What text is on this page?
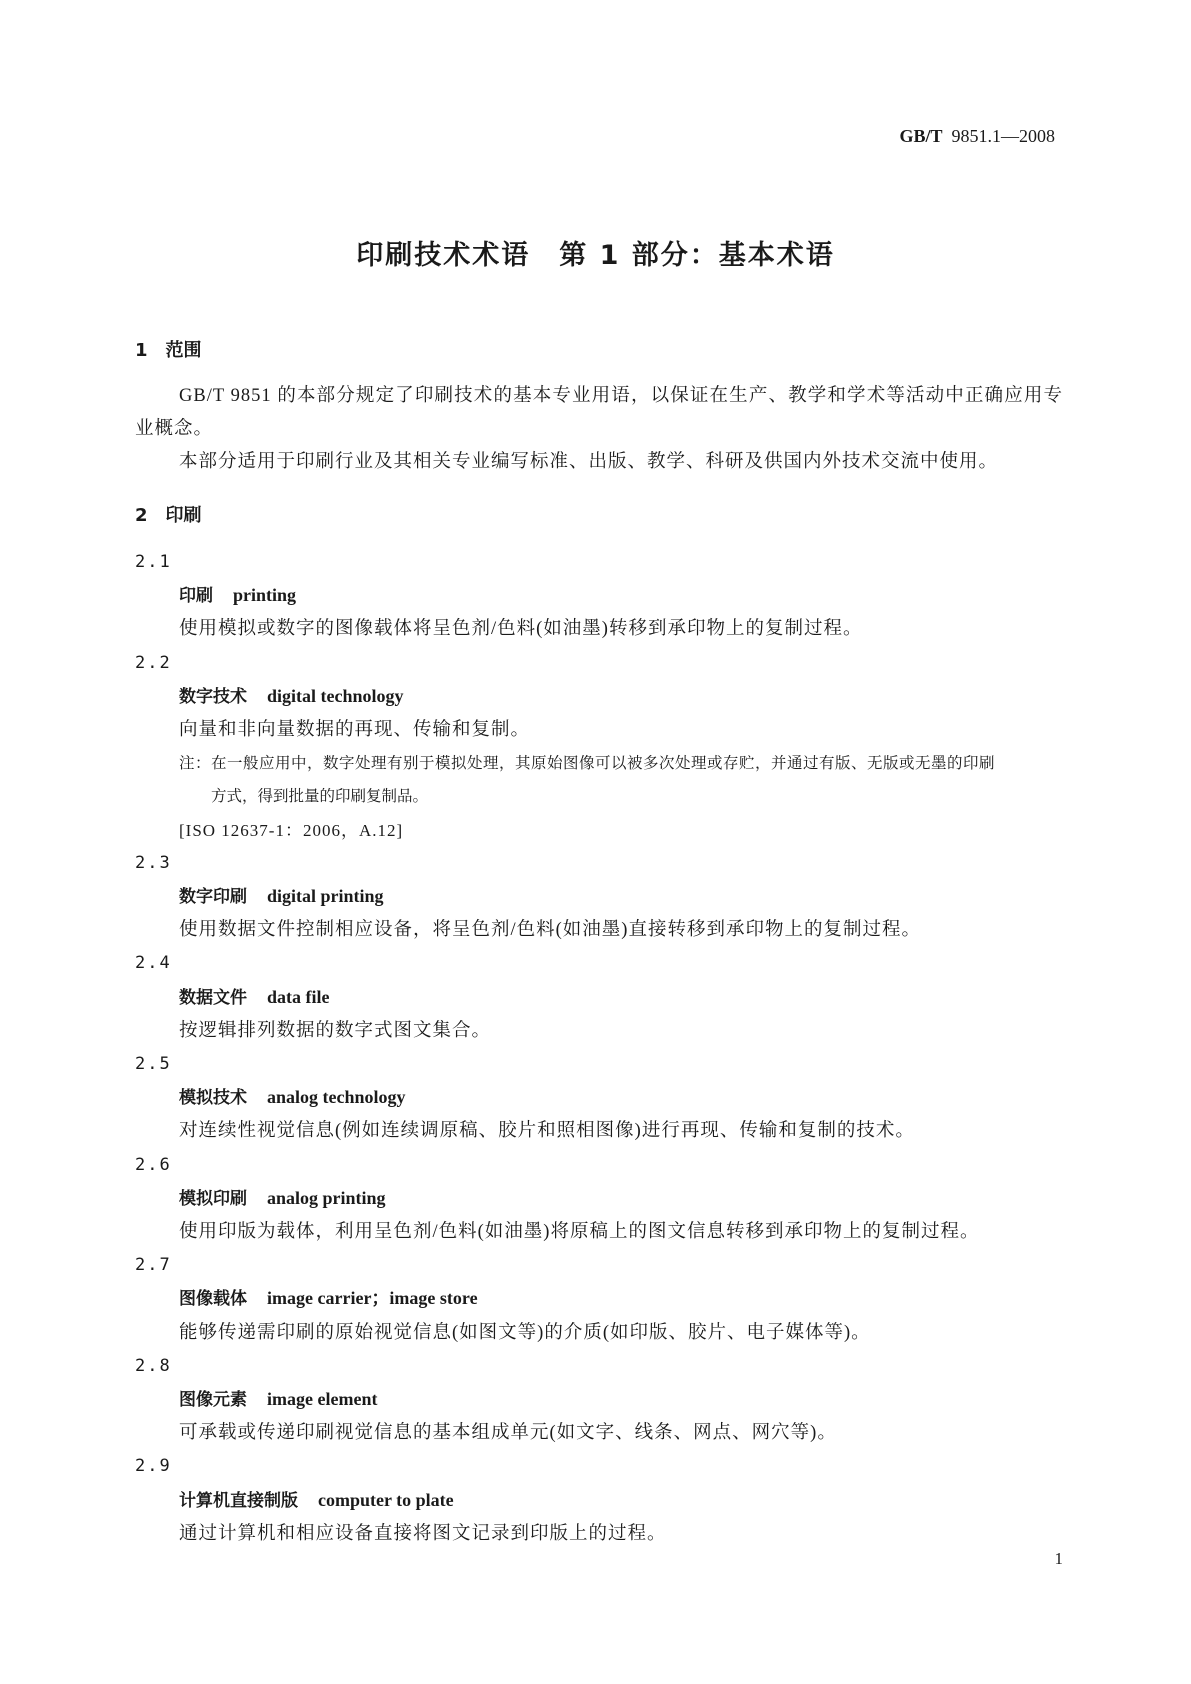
GB/T 9851.1—2008
印刷技术术语　第 1 部分：基本术语
1 范围

GB/T 9851 的本部分规定了印刷技术的基本专业用语，以保证在生产、教学和学术等活动中正确应用专业概念。

本部分适用于印刷行业及其相关专业编写标准、出版、教学、科研及供国内外技术交流中使用。

2 印刷
2.1
印刷 printing
使用模拟或数字的图像载体将呈色剂/色料(如油墨)转移到承印物上的复制过程。
2.2
数字技术 digital technology
向量和非向量数据的再现、传输和复制。
注：在一般应用中，数字处理有别于模拟处理，其原始图像可以被多次处理或存贮，并通过有版、无版或无墨的印刷
方式，得到批量的印刷复制品。
[ISO 12637-1：2006，A.12]
2.3
数字印刷 digital printing
使用数据文件控制相应设备，将呈色剂/色料(如油墨)直接转移到承印物上的复制过程。
2.4
数据文件 data file
按逻辑排列数据的数字式图文集合。
2.5
模拟技术 analog technology
对连续性视觉信息(例如连续调原稿、胶片和照相图像)进行再现、传输和复制的技术。
2.6
模拟印刷 analog printing
使用印版为载体，利用呈色剂/色料(如油墨)将原稿上的图文信息转移到承印物上的复制过程。
2.7
图像载体 image carrier；image store
能够传递需印刷的原始视觉信息(如图文等)的介质(如印版、胶片、电子媒体等)。
2.8
图像元素 image element
可承载或传递印刷视觉信息的基本组成单元(如文字、线条、网点、网穴等)。
2.9
计算机直接制版 computer to plate
通过计算机和相应设备直接将图文记录到印版上的过程。
1
